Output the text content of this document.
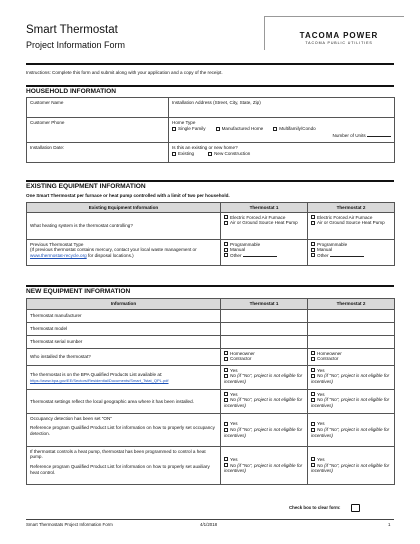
Smart Thermostat
Project Information Form
TACOMA POWER
TACOMA PUBLIC UTILITIES
Instructions: Complete this form and submit along with your application and a copy of the receipt.
HOUSEHOLD INFORMATION
Customer Name	Installation Address (Street, City, State, Zip)
Customer Phone	Home Type
Single Family Manufactured Home Multifamily/Condo
Number of Units

Installation Date:	Is this an existing or new home?
Existing New Construction
EXISTING EQUIPMENT INFORMATION
One Smart Thermostat per furnace or heat pump controlled with a limit of two per household.
Existing Equipment Information	Thermostat 1	Thermostat 2
What heating system is the thermostat controlling?	Electric Forced Air Furnace
Air or Ground Source Heat Pump	Electric Forced Air Furnace
Air or Ground Source Heat Pump

Previous Thermostat Type
(If previous thermostat contains mercury, contact your local waste management or www.thermostat-recycle.org for disposal locations.)	Programmable
Manual
Other	Programmable
Manual
Other
NEW EQUIPMENT INFORMATION
Information	Thermostat 1	Thermostat 2
Thermostat manufacturer		
Thermostat model		
Thermostat serial number		
Who installed the thermostat?	Homeowner
Contractor	Homeowner
Contractor

The thermostat is on the BPA Qualified Products List available at:
https://www.bpa.gov/EE/Sectors/Residential/Documents/Smart_Tstat_QPL.pdf	Yes
No (if "No", project is not eligible for incentives)	Yes
No (if "No", project is not eligible for incentives)

Thermostat settings reflect the local geographic area where it has been installed.	Yes
No (if "No", project is not eligible for incentives)	Yes
No (if "No", project is not eligible for incentives)

Occupancy detection has been set "ON"
Reference program Qualified Product List for information on how to properly set occupancy detection.	Yes
No (if "No", project is not eligible for incentives)	Yes
No (if "No", project is not eligible for incentives)

If thermostat controls a heat pump, thermostat has been programmed to control a heat pump.
Reference program Qualified Product List for information on how to properly set auxiliary heat control.	Yes
No (if "No", project is not eligible for incentives)	Yes
No (if "No", project is not eligible for incentives)
Check box to clear form:
Smart Thermostats Project Information Form	4/1/2018	1
